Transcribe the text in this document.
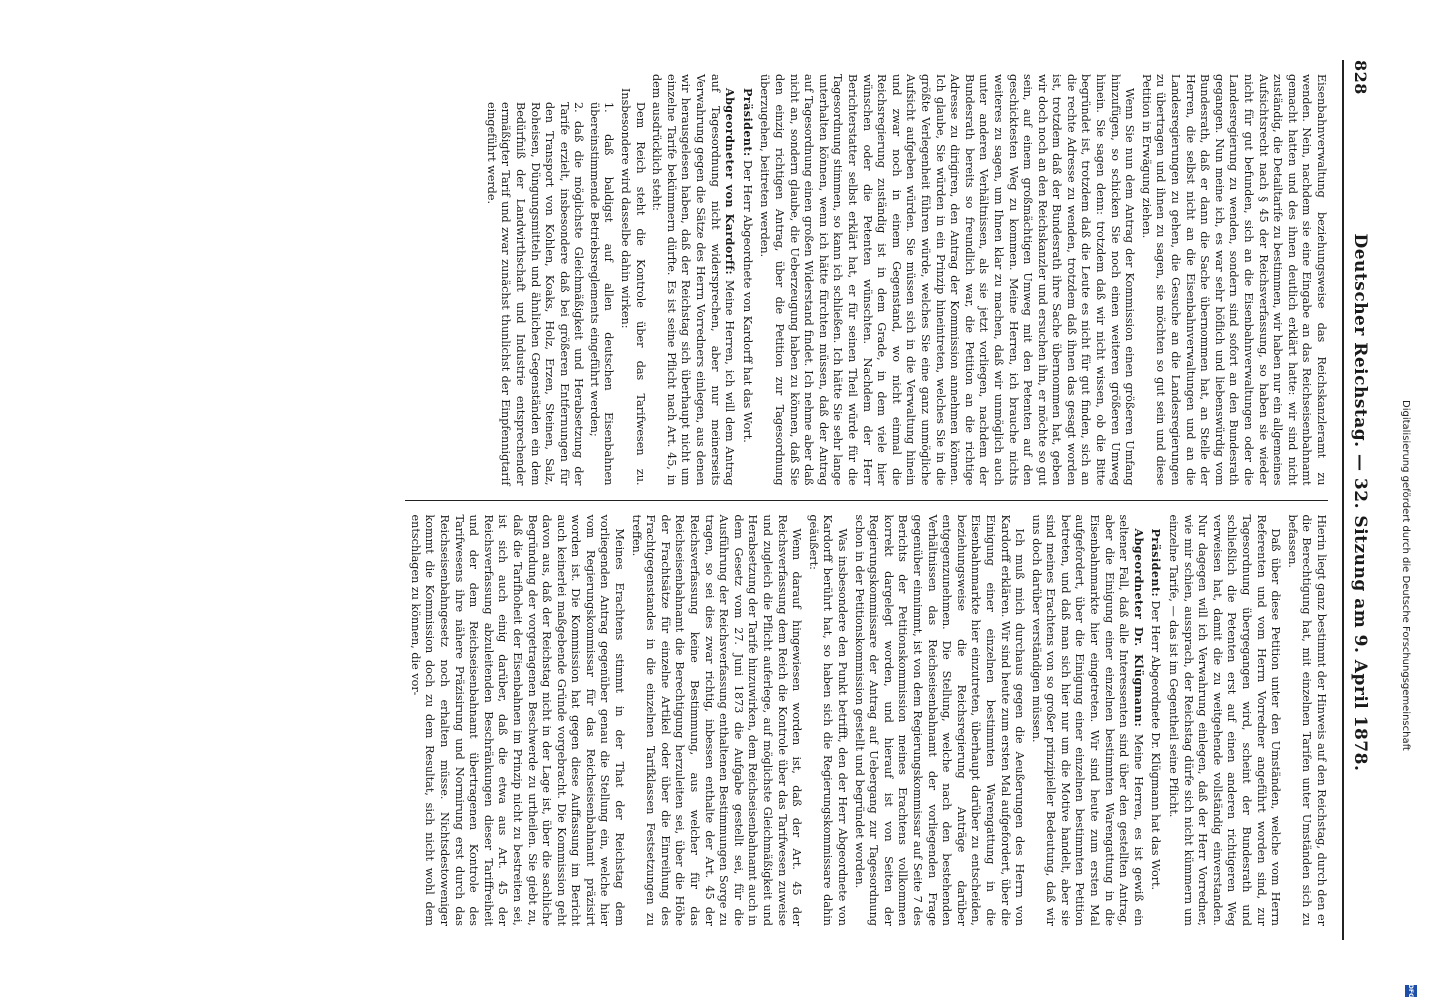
828
Deutscher Reichstag. — 32. Sitzung am 9. April 1878.

Eisenbahnverwaltung beziehungsweise das Reichskanzleramt zu wenden. Nein, nachdem sie eine Eingabe an das Reichseisenbahnamt gemacht hatten und des ihnen deutlich erklärt hatte: wir sind nicht zuständig, die Detailtarife zu bestimmen, wir haben nur ein allgemeines Aufsichtsrecht nach § 45 der Reichsverfassung, so haben sie wieder nicht für gut befunden, sich an die Eisenbahnverwaltungen oder die Landesregierung zu wenden, sondern sind sofort an den Bundesrath gegangen. Nun meine ich, es war sehr höflich und liebenswürdig vom Bundesrath, daß er dann die Sache übernommen hat, an Stelle der Herren, die selbst nicht an die Eisenbahnverwaltungen und an die Landesregierungen zu gehen, die Gesuche an die Landesregierungen zu übertragen und ihnen zu sagen, sie möchten so gut sein und diese Petition in Erwägung ziehen.

Wenn Sie nun dem Antrag der Kommission einen größeren Umfang hinzufügen, so schicken Sie noch einen weiteren größeren Umweg hinein. Sie sagen denn: trotzdem daß wir nicht wissen, ob die Bitte begründet ist, trotzdem daß die Leute es nicht für gut finden, sich an die rechte Adresse zu wenden, trotzdem daß ihnen das gesagt worden ist, trotzdem daß der Bundesrath ihre Sache übernommen hat, geben wir doch noch an den Reichskanzler und ersuchen ihn, er möchte so gut sein, auf einem großmächtigen Umweg mit den Petenten auf den geschicktesten Weg zu kommen. Meine Herren, ich brauche nichts weiteres zu sagen, um Ihnen klar zu machen, daß wir unmöglich auch unter anderen Verhältnissen, als sie jetzt vorliegen, nachdem der Bundesrath bereits so freundlich war, die Petition an die richtige Adresse zu dirigiren, den Antrag der Kommission annehmen können. Ich glaube, Sie würden in ein Prinzip hineintreten, welches Sie in die größte Verlegenheit führen würde, welches Sie eine ganz unmögliche Aufsicht aufgeben würden. Sie müssen sich in die Verwaltung hinein und zwar noch in einem Gegenstand, wo nicht einmal die Reichsregierung zuständig ist in dem Grade, in dem viele hier wünschen oder die Petenten wünschten. Nachdem der Herr Berichterstatter selbst erklärt hat, er für seinen Theil würde für die Tagesordnung stimmen, so kann ich schließen. Ich hätte Sie sehr lange unterhalten können, wenn ich hätte fürchten müssen, daß der Antrag auf Tagesordnung einen großen Widerstand findet. Ich nehme aber daß nicht an, sondern glaube, die Ueberzeugung haben zu können, daß Sie den einzig richtigen Antrag, über die Petition zur Tagesordnung überzugehen, beitreten werden.

Präsident: Der Herr Abgeordnete von Kardorff hat das Wort.

Abgeordneter von Kardorff: Meine Herren, ich will dem Antrag auf Tagesordnung nicht widersprechen, aber nur meinerseits Verwahrung gegen die Sätze des Herrn Vorredners einlegen, aus denen wir herausgelesen haben, daß der Reichstag sich überhaupt nicht um einzelne Tarife bekümmern dürfte. Es ist seine Pflicht nach Art. 45, in dem ausdrücklich steht:

Dem Reich steht die Kontrole über das Tarifwesen zu. Insbesondere wird dasselbe dahin wirken:

1. daß baldigst auf allen deutschen Eisenbahnen übereinstimmende Betriebsreglements eingeführt werden;

2. daß die möglichste Gleichmäßigkeit und Herabsetzung der Tarife erzielt, insbesondere daß bei größeren Entfernungen für den Transport von Kohlen, Koaks, Holz, Erzen, Steinen, Salz, Roheisen, Düngungsmitteln und ähnlichen Gegenständen ein dem Bedürfniß der Landwirthschaft und Industrie entsprechender ermäßigter Tarif und zwar zunächst thunlichst der Einpfennigtarif eingeführt werde.

Hierin liegt ganz bestimmt der Hinweis auf den Reichstag, durch den er die Berechtigung hat, mit einzelnen Tarifen unter Umständen sich zu befassen.

Daß über diese Petition unter den Umständen, welche vom Herrn Referenten und vom Herrn Vorredner angeführt worden sind, zur Tagesordnung übergegangen wird, scheint der Bundesrath und schließlich die Petenten erst auf einen anderen richtigeren Weg verweisen hat, damit die zu weitgehende vollständig einverstanden. Nur dagegen will ich Verwahrung einlegen, daß der Herr Vorredner, wie mir schien, aussprach, der Reichstag dürfe sich nicht kümmern um einzelne Tarife, — das ist im Gegentheil seine Pflicht.

Präsident: Der Herr Abgeordnete Dr. Klügmann hat das Wort.

Abgeordneter Dr. Klügmann: Meine Herren, es ist gewiß ein seltener Fall, daß alle Interessenten sind über den gestellten Antrag, aber die Einigung einer einzelnen bestimmten Warengattung in die Eisenbahnmarkte hier eingetreten. Wir sind heute zum ersten Mal aufgefordert, über die Einigung einer einzelnen bestimmten Petition betreten, und daß man sich hier nur um die Motive handelt, aber sie sind meines Erachtens von so großer prinzipieller Bedeutung, daß wir uns doch darüber verständigen müssen.

Ich muß mich durchaus gegen die Aeußerungen des Herrn von Kardorff erklären. Wir sind heute zum ersten Mal aufgefordert, über die Einigung einer einzelnen bestimmten Warengattung in die Eisenbahnmarkte hier einzutreten, überhaupt darüber zu entscheiden, beziehungsweise die Reichsregierung Anträge darüber entgegenzunehmen. Die Stellung, welche nach den bestehenden Verhältnissen das Reichseisenbahnamt der vorliegenden Frage gegenüber einnimmt, ist von dem Regierungskommissar auf Seite 7 des Berichts der Petitionskommission meines Erachtens vollkommen korrekt dargelegt worden, und hierauf ist von Seiten der Regierungskommissare der Antrag auf Uebergang zur Tagesordnung schon in der Petitionskommission gestellt und begründet worden.

Was insbesondere den Punkt betrifft, den der Herr Abgeordnete von Kardorff berührt hat, so haben sich die Regierungskommissare dahin geäußert:

Wenn darauf hingewiesen worden ist, daß der Art. 45 der Reichsverfassung dem Reich die Kontrole über das Tarifwesen zuweise und zugleich die Pflicht auferlege, auf möglichste Gleichmäßigkeit und Herabsetzung der Tarife hinzuwirken, dem Reichseisenbahnamt auch in dem Gesetz vom 27. Juni 1873 die Aufgabe gestellt sei, für die Ausführung der Reichsverfassung enthaltenen Bestimmungen Sorge zu tragen, so sei dies zwar richtig, inbessen enthalte der Art. 45 der Reichsverfassung keine Bestimmung, aus welcher für das Reichseisenbahnamt die Berechtigung herzuleiten sei, über die Höhe der Frachtsätze für einzelne Artikel oder über die Einreihung des Frachtgegenstandes in die einzelnen Tarifklassen Festsetzungen zu treffen.

Meines Erachtens stimmt in der That der Reichstag dem vorliegenden Antrag gegenüber genau die Stellung ein, welche hier vom Regierungskommissar für das Reichseisenbahnamt präzisirt worden ist. Die Kommission hat gegen diese Auffassung im Bericht auch keinerlei maßgebende Gründe vorgebracht. Die Kommission geht davon aus, daß der Reichstag nicht in der Lage ist, über die sachliche Begründung der vorgetragenen Beschwerde zu urtheilen. Sie giebt zu, daß die Tarifhoheit der Eisenbahnen im Prinzip nicht zu bestreiten sei, ist sich auch einig darüber, daß die etwa aus Art. 45 der Reichsverfassung abzuleitenden Beschränkungen dieser Tariffreiheit und der dem Reichseisenbahnamt übertragenen Kontrole des Tarifwesens ihre nähere Präzisirung und Normirung erst durch das Reichseisenbahngesetz noch erhalten müsse. Nichtsdestoweniger kommt die Kommission doch zu dem Resultat, sich nicht wohl dem entschlagen zu können, die vor-	Digitalisierung gefördert durch die Deutsche Forschungsgemeinschaft
DFG
